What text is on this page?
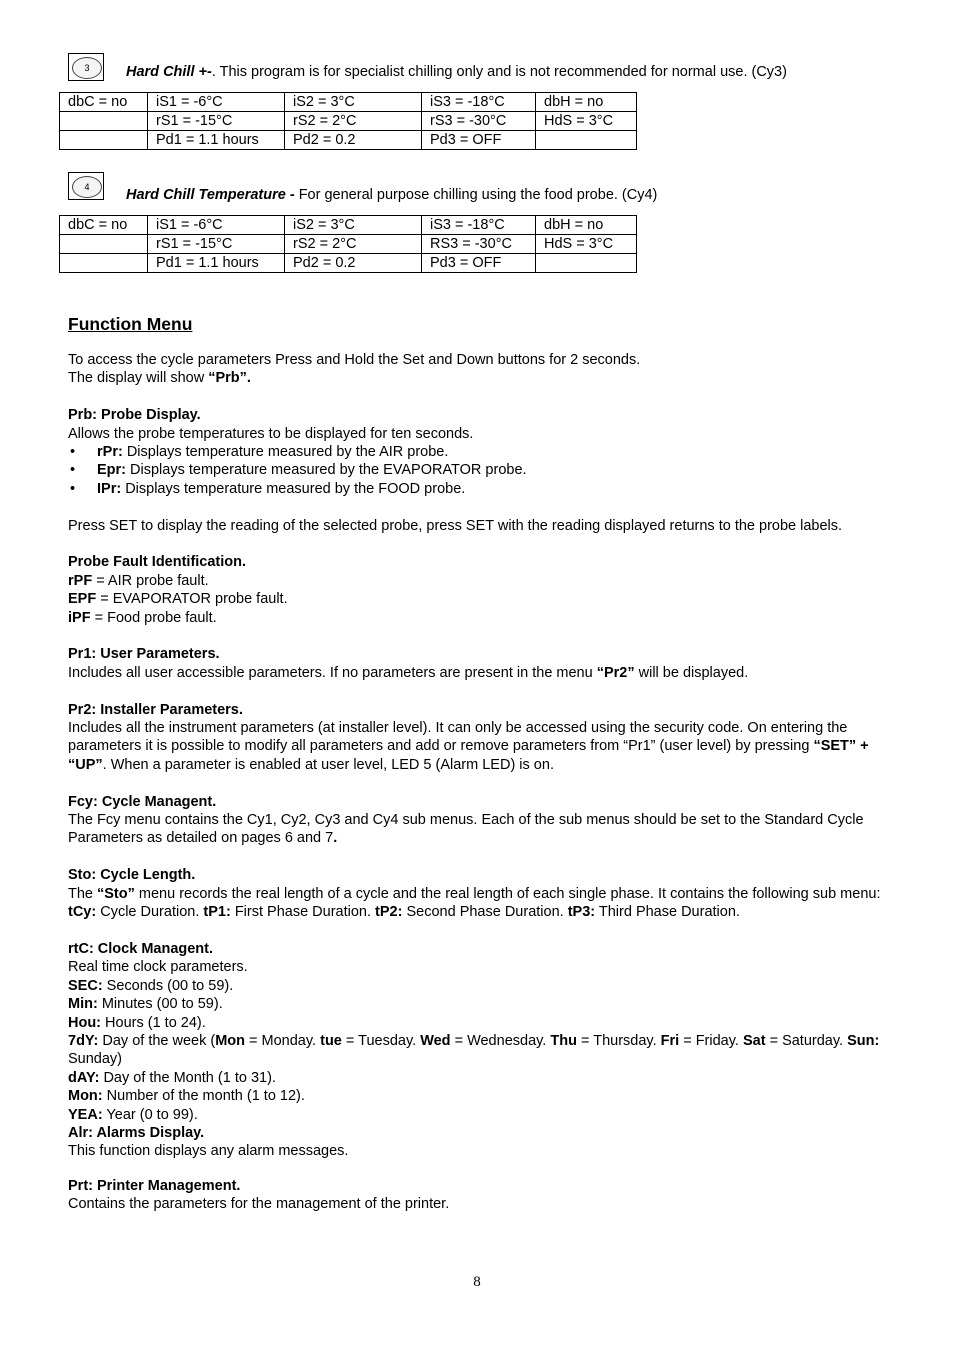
3	Hard Chill +-. This program is for specialist chilling only and is not recommended for normal use. (Cy3)
dbC = no	iS1 = -6°C	iS2 = 3°C	iS3 = -18°C	dbH = no
	rS1 = -15°C	rS2 = 2°C	rS3 = -30°C	HdS = 3°C
	Pd1 = 1.1 hours	Pd2 = 0.2	Pd3 = OFF	
4	Hard Chill Temperature - For general purpose chilling using the food probe. (Cy4)
dbC = no	iS1 = -6°C	iS2 = 3°C	iS3 = -18°C	dbH = no
	rS1 = -15°C	rS2 = 2°C	RS3 = -30°C	HdS = 3°C
	Pd1 = 1.1 hours	Pd2 = 0.2	Pd3 = OFF	

Function Menu

To access the cycle parameters Press and Hold the Set and Down buttons for 2 seconds.

The display will show “Prb”.

Prb: Probe Display.

Allows the probe temperatures to be displayed for ten seconds.

• rPr: Displays temperature measured by the AIR probe.
• Epr: Displays temperature measured by the EVAPORATOR probe.
• IPr: Displays temperature measured by the FOOD probe.

Press SET to display the reading of the selected probe, press SET with the reading displayed returns to the probe labels.

Probe Fault Identification.

rPF = AIR probe fault.

EPF = EVAPORATOR probe fault.

iPF = Food probe fault.

Pr1: User Parameters.

Includes all user accessible parameters. If no parameters are present in the menu “Pr2” will be displayed.

Pr2: Installer Parameters.

Includes all the instrument parameters (at installer level). It can only be accessed using the security code. On entering the parameters it is possible to modify all parameters and add or remove parameters from “Pr1” (user level) by pressing “SET” + “UP”. When a parameter is enabled at user level, LED 5 (Alarm LED) is on.

Fcy: Cycle Managent.

The Fcy menu contains the Cy1, Cy2, Cy3 and Cy4 sub menus. Each of the sub menus should be set to the Standard Cycle Parameters as detailed on pages 6 and 7.

Sto: Cycle Length.

The “Sto” menu records the real length of a cycle and the real length of each single phase. It contains the following sub menu:

tCy: Cycle Duration. tP1: First Phase Duration. tP2: Second Phase Duration. tP3: Third Phase Duration.

rtC: Clock Managent.

Real time clock parameters.

SEC: Seconds (00 to 59).

Min: Minutes (00 to 59).

Hou: Hours (1 to 24).

7dY: Day of the week (Mon = Monday. tue = Tuesday. Wed = Wednesday. Thu = Thursday. Fri = Friday. Sat = Saturday. Sun: Sunday)

dAY: Day of the Month (1 to 31).

Mon: Number of the month (1 to 12).

YEA: Year (0 to 99).

Alr: Alarms Display.

This function displays any alarm messages.

Prt: Printer Management.

Contains the parameters for the management of the printer.

8
